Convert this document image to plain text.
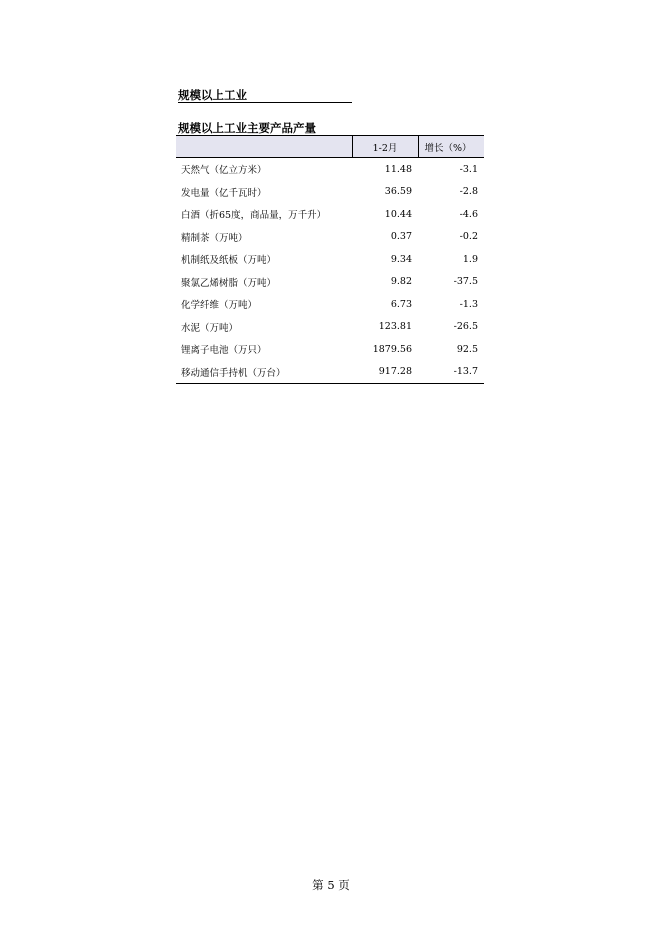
规模以上工业
规模以上工业主要产品产量
	1-2月	增长（%）
天然气（亿立方米）	11.48	-3.1
发电量（亿千瓦时）	36.59	-2.8
白酒（折65度，商品量，万千升）	10.44	-4.6
精制茶（万吨）	0.37	-0.2
机制纸及纸板（万吨）	9.34	1.9
聚氯乙烯树脂（万吨）	9.82	-37.5
化学纤维（万吨）	6.73	-1.3
水泥（万吨）	123.81	-26.5
锂离子电池（万只）	1879.56	92.5
移动通信手持机（万台）	917.28	-13.7
第 5 页
